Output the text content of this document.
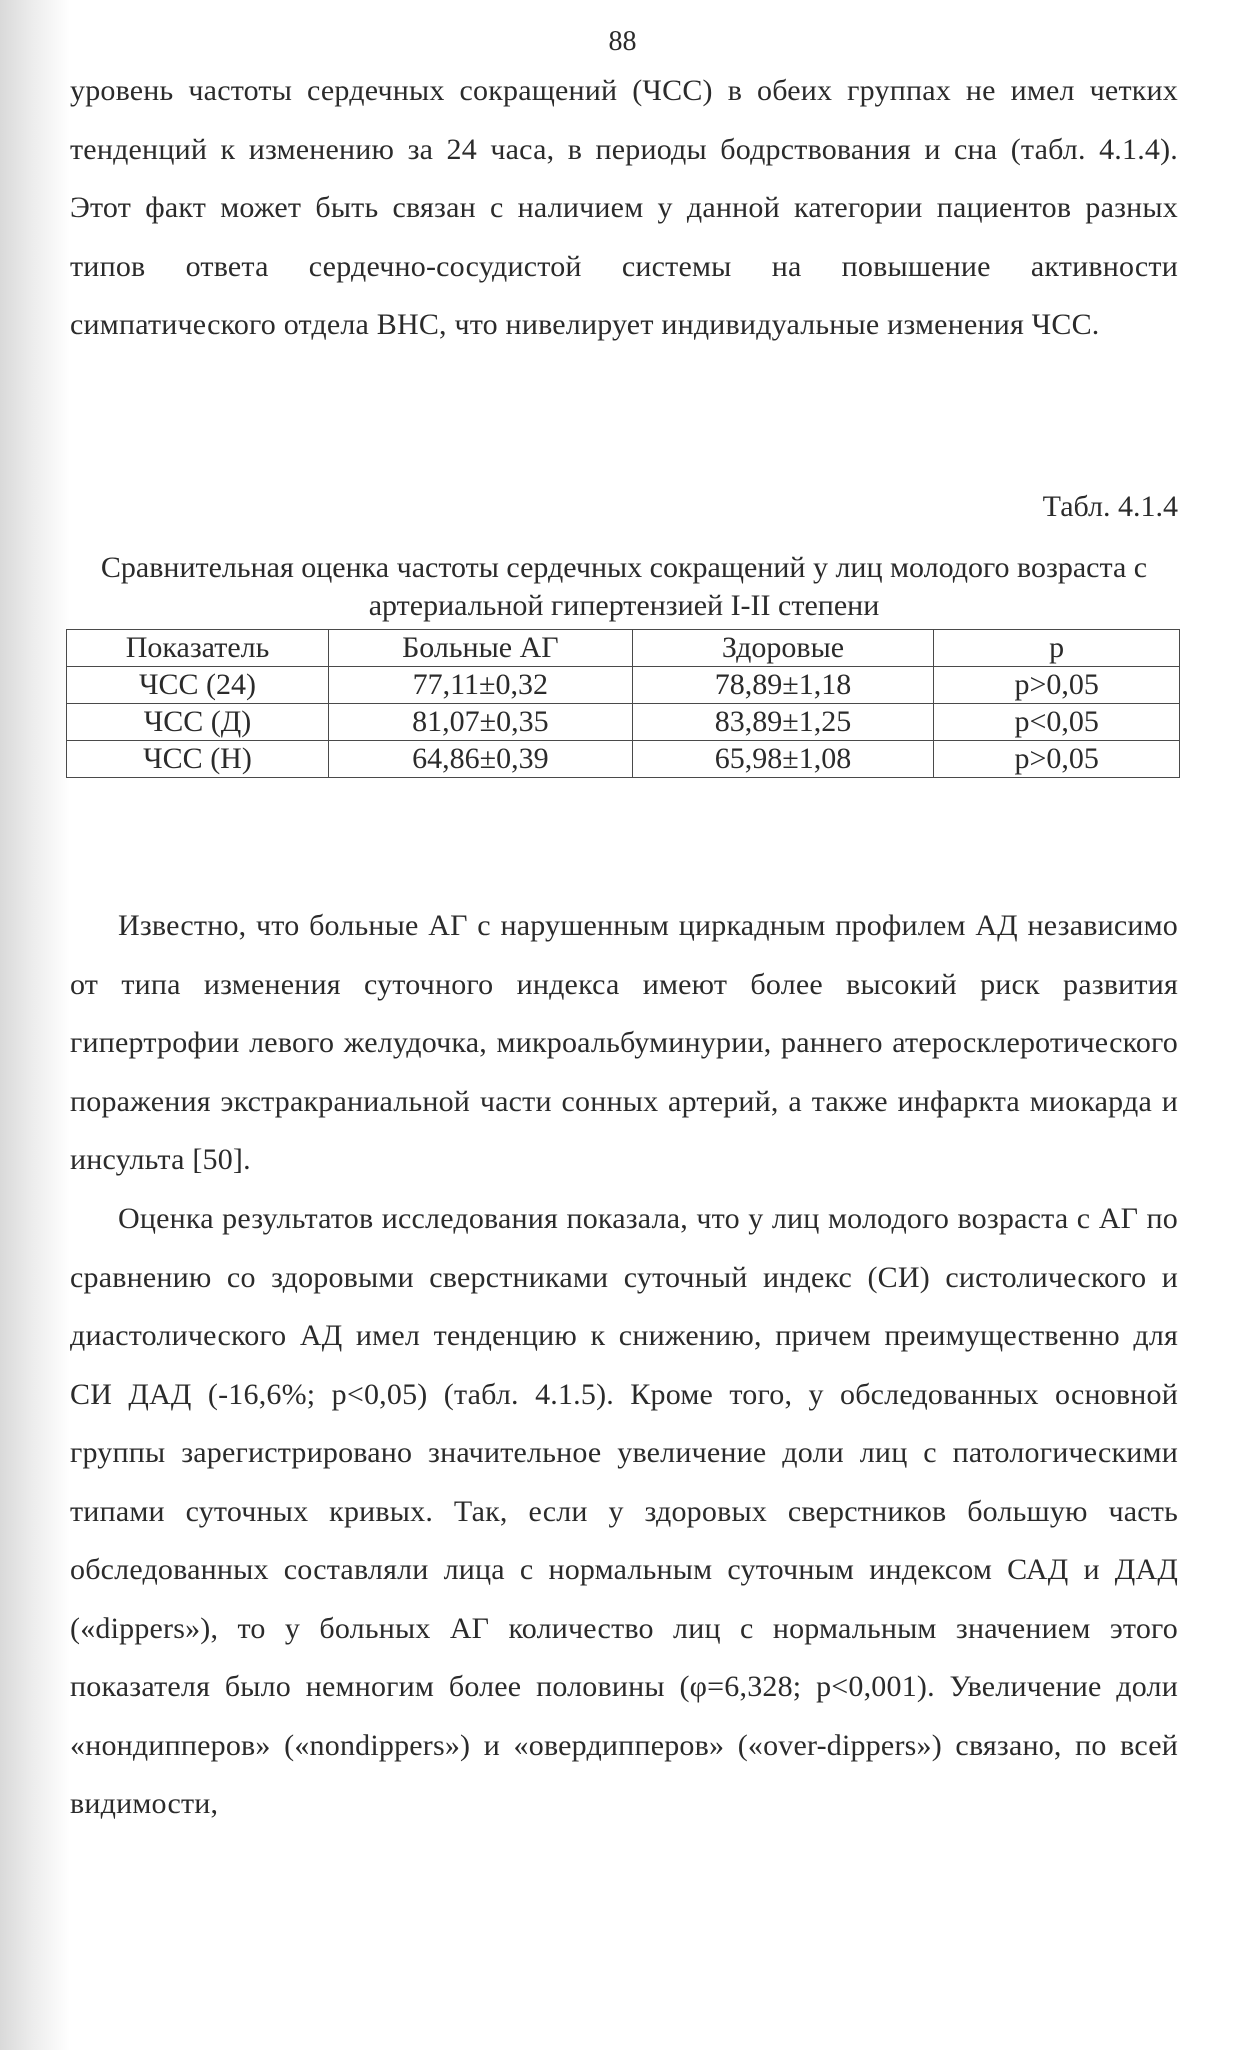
88

уровень частоты сердечных сокращений (ЧСС) в обеих группах не имел четких тенденций к изменению за 24 часа, в периоды бодрствования и сна (табл. 4.1.4). Этот факт может быть связан с наличием у данной категории пациентов разных типов ответа сердечно-сосудистой системы на повышение активности симпатического отдела ВНС, что нивелирует индивидуальные изменения ЧСС.

Табл. 4.1.4
Сравнительная оценка частоты сердечных сокращений у лиц молодого возраста с артериальной гипертензией I-II степени
Показатель	Больные АГ	Здоровые	p
ЧСС (24)	77,11±0,32	78,89±1,18	p>0,05
ЧСС (Д)	81,07±0,35	83,89±1,25	p<0,05
ЧСС (Н)	64,86±0,39	65,98±1,08	p>0,05

Известно, что больные АГ с нарушенным циркадным профилем АД независимо от типа изменения суточного индекса имеют более высокий риск развития гипертрофии левого желудочка, микроальбуминурии, раннего атеросклеротического поражения экстракраниальной части сонных артерий, а также инфаркта миокарда и инсульта [50].

Оценка результатов исследования показала, что у лиц молодого возраста с АГ по сравнению со здоровыми сверстниками суточный индекс (СИ) систолического и диастолического АД имел тенденцию к снижению, причем преимущественно для СИ ДАД (-16,6%; p<0,05) (табл. 4.1.5). Кроме того, у обследованных основной группы зарегистрировано значительное увеличение доли лиц с патологическими типами суточных кривых. Так, если у здоровых сверстников большую часть обследованных составляли лица с нормальным суточным индексом САД и ДАД («dippers»), то у больных АГ количество лиц с нормальным значением этого показателя было немногим более половины (φ=6,328; p<0,001). Увеличение доли «нондипперов» («nondippers») и «овердипперов» («over-dippers») связано, по всей видимости,
